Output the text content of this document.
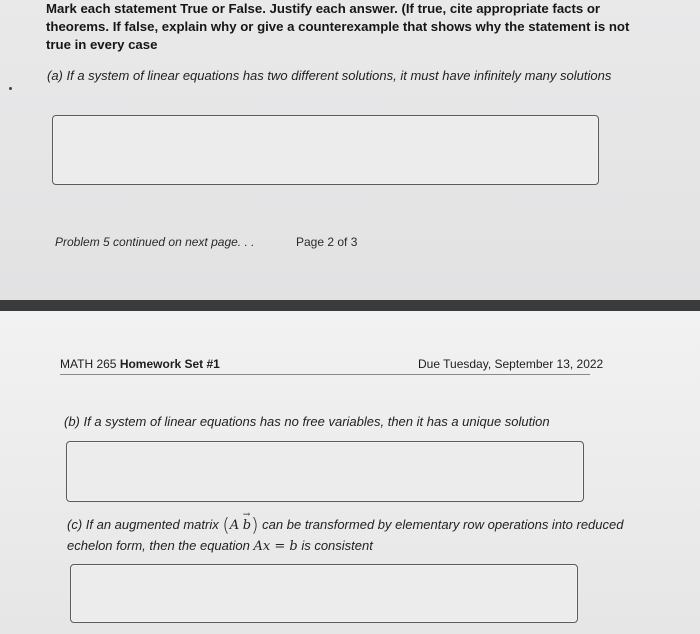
Mark each statement True or False. Justify each answer. (If true, cite appropriate facts or theorems. If false, explain why or give a counterexample that shows why the statement is not true in every case
(a) If a system of linear equations has two different solutions, it must have infinitely many solutions
Problem 5 continued on next page. . .	Page 2 of 3
MATH 265 Homework Set #1	Due Tuesday, September 13, 2022
(b) If a system of linear equations has no free variables, then it has a unique solution
(c) If an augmented matrix (A b
→ ) can be transformed by elementary row operations into reduced
echelon form, then the equation Ax = b is consistent
